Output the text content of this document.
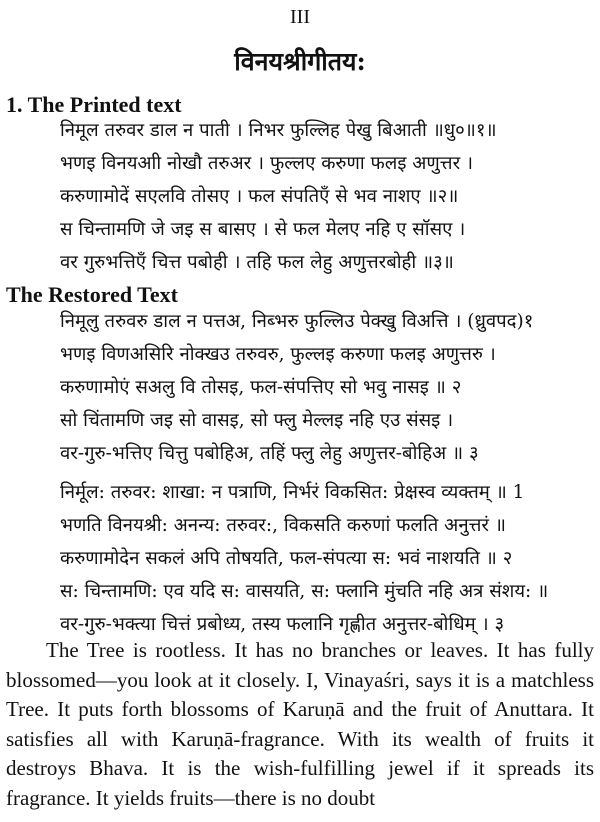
III
विनयश्रीगीतय:
1. The Printed text
निमूल तरुवर डाल न पाती । निभर फुल्लिह पेखु बिआती ॥धु०॥१॥
भणइ विनयआी नोखौ तरुअर । फुल्लए करुणा फलइ अणुत्तर ।
करुणामोदें सएलवि तोसए । फल संपतिएँ से भव नाशए ॥२॥
स चिन्तामणि जे जइ स बासए । से फल मेलए नहि ए सॉसए ।
वर गुरुभत्तिएँ चित्त पबोही । तहि फल लेहु अणुत्तरबोही ॥३॥
The Restored Text
निमूलु तरुवरु डाल न पत्तअ, निब्भरु फुल्लिउ पेक्खु विअत्ति । (ध्रुवपद)१
भणइ विणअसिरि नोक्खउ तरुवरु, फुल्लइ करुणा फलइ अणुत्तरु ।
करुणामोएं सअलु वि तोसइ, फल-संपत्तिए सो भवु नासइ ॥ २
सो चिंतामणि जइ सो वासइ, सो फ्लु मेल्लइ नहि एउ संसइ ।
वर-गुरु-भत्तिए चित्तु पबोहिअ, तहिं फ्लु लेहु अणुत्तर-बोहिअ ॥ ३
निर्मूल: तरुवर: शाखा: न पत्राणि, निर्भरं विकसित: प्रेक्षस्व व्यक्तम् ॥ 1
भणति विनयश्री: अनन्य: तरुवर:, विकसति करुणां फलति अनुत्तरं ॥
करुणामोदेन सकलं अपि तोषयति, फल-संपत्या स: भवं नाशयति ॥ २
स: चिन्तामणि: एव यदि स: वासयति, स: फ्लानि मुंचति नहि अत्र संशय: ॥
वर-गुरु-भक्त्या चित्तं प्रबोध्य, तस्य फलानि गृह्णीत अनुत्तर-बोधिम् । ३

The Tree is rootless. It has no branches or leaves. It has fully blossomed—you look at it closely. I, Vinayaśri, says it is a matchless Tree. It puts forth blossoms of Karuṇā and the fruit of Anuttara. It satisfies all with Karuṇā-fragrance. With its wealth of fruits it destroys Bhava. It is the wish-fulfilling jewel if it spreads its fragrance. It yields fruits—there is no doubt
